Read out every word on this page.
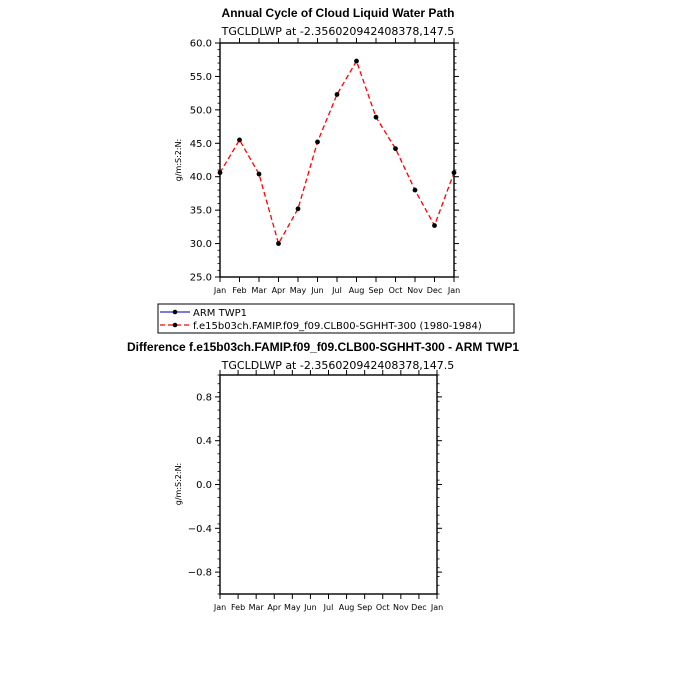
Annual Cycle of Cloud Liquid Water Path
TGCLDLWP at -2.356020942408378,147.5
25.0
30.0
35.0
40.0
45.0
50.0
55.0
60.0
Jan Feb Mar Apr May Jun Jul Aug Sep Oct Nov Dec Jan
g/m:S:2:N:
ARM TWP1
f.e15b03ch.FAMIP.f09_f09.CLB00-SGHHT-300 (1980-1984)
Difference f.e15b03ch.FAMIP.f09_f09.CLB00-SGHHT-300 - ARM TWP1
TGCLDLWP at -2.356020942408378,147.5
−0.8
−0.4
0.0
0.4
0.8
Jan Feb Mar Apr May Jun Jul Aug Sep Oct Nov Dec Jan
g/m:S:2:N:
